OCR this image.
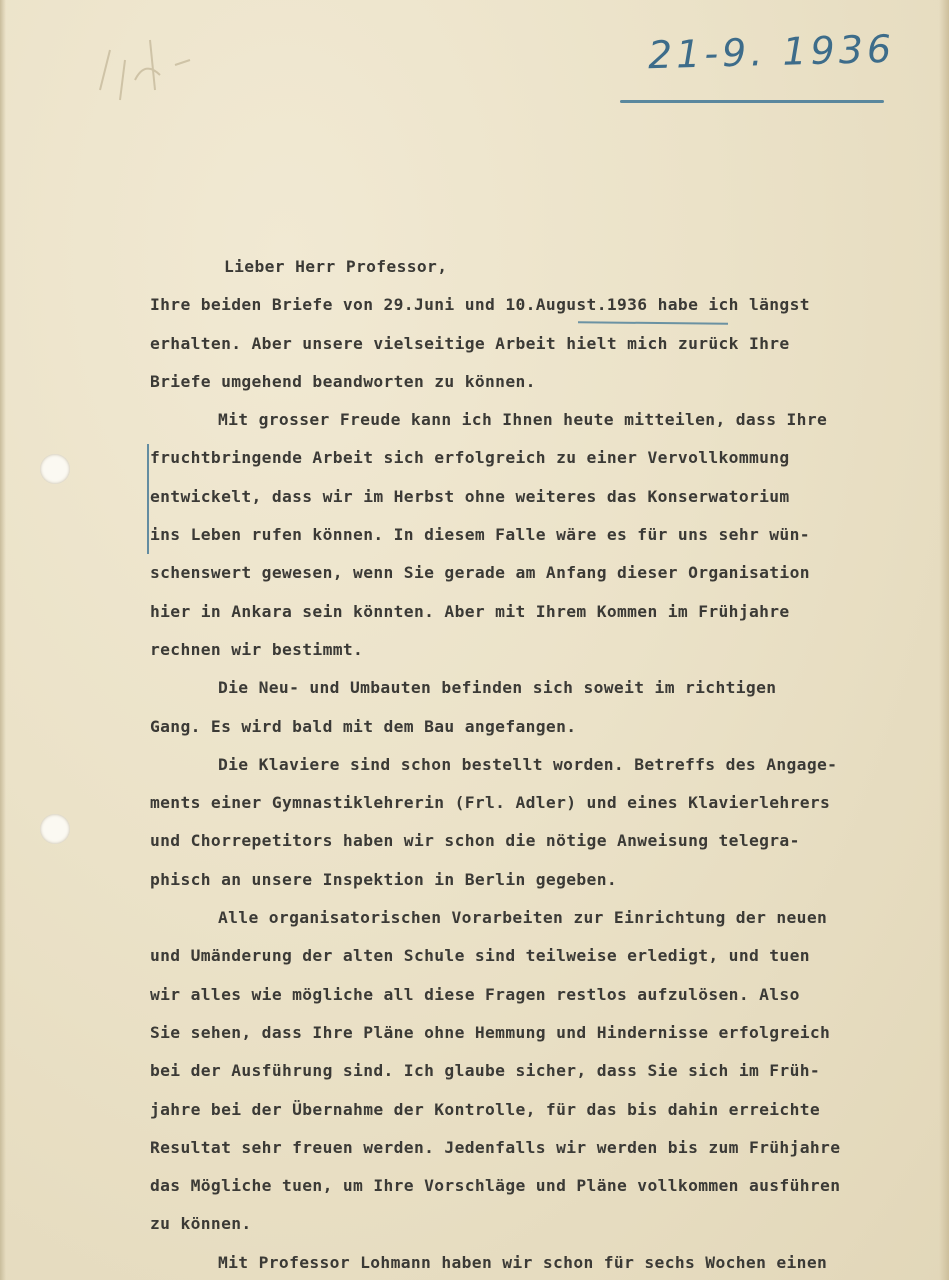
21-9. 1936
Lieber Herr Professor,
Ihre beiden Briefe von 29.Juni und 10.August.1936 habe ich längst
erhalten. Aber unsere vielseitige Arbeit hielt mich zurück Ihre
Briefe umgehend beandworten zu können.
Mit grosser Freude kann ich Ihnen heute mitteilen, dass Ihre
fruchtbringende Arbeit sich erfolgreich zu einer Vervollkommung
entwickelt, dass wir im Herbst ohne weiteres das Konserwatorium
ins Leben rufen können. In diesem Falle wäre es für uns sehr wün-
schenswert gewesen, wenn Sie gerade am Anfang dieser Organisation
hier in Ankara sein könnten. Aber mit Ihrem Kommen im Frühjahre
rechnen wir bestimmt.
Die Neu- und Umbauten befinden sich soweit im richtigen
Gang. Es wird bald mit dem Bau angefangen.
Die Klaviere sind schon bestellt worden. Betreffs des Angage-
ments einer Gymnastiklehrerin (Frl. Adler) und eines Klavierlehrers
und Chorrepetitors haben wir schon die nötige Anweisung telegra-
phisch an unsere Inspektion in Berlin gegeben.
Alle organisatorischen Vorarbeiten zur Einrichtung der neuen
und Umänderung der alten Schule sind teilweise erledigt, und tuen
wir alles wie mögliche all diese Fragen restlos aufzulösen. Also
Sie sehen, dass Ihre Pläne ohne Hemmung und Hindernisse erfolgreich
bei der Ausführung sind. Ich glaube sicher, dass Sie sich im Früh-
jahre bei der Übernahme der Kontrolle, für das bis dahin erreichte
Resultat sehr freuen werden. Jedenfalls wir werden bis zum Frühjahre
das Mögliche tuen, um Ihre Vorschläge und Pläne vollkommen ausführen
zu können.
Mit Professor Lohmann haben wir schon für sechs Wochen einen
